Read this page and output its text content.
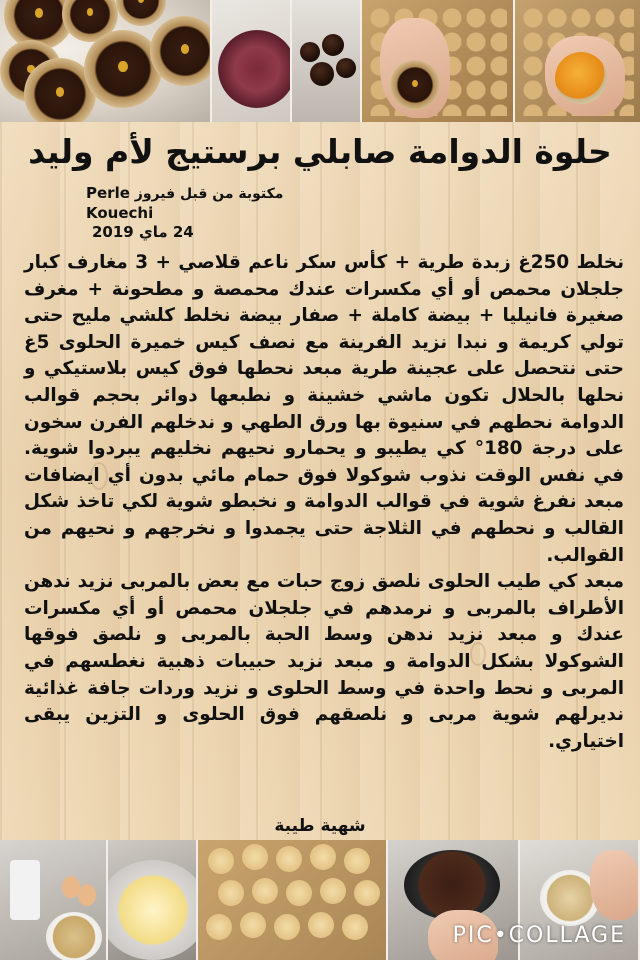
حلوة الدوامة صابلي برستيج لأم وليد
مكتوبة من قبل فيروز Perle Kouechi
24 ماي 2019

نخلط 250غ زبدة طرية + كأس سكر ناعم قلاصي + 3 مغارف كبار جلجلان محمص أو أي مكسرات عندك محمصة و مطحونة + مغرف صغيرة فانيليا + بيضة كاملة + صفار بيضة نخلط كلشي مليح حتى تولي كريمة و نبدا نزيد الفرينة مع نصف كيس خميرة الحلوى 5غ حتى نتحصل على عجينة طرية مبعد نحطها فوق كيس بلاستيكي و نحلها بالحلال تكون ماشي خشينة و نطبعها دوائر بحجم قوالب الدوامة نحطهم في سنيوة بها ورق الطهي و ندخلهم الفرن سخون على درجة 180° كي يطيبو و يحمارو نحيهم نخليهم يبردوا شوية. في نفس الوقت نذوب شوكولا فوق حمام مائي بدون أي ايضافات مبعد نفرغ شوية في قوالب الدوامة و نخبطو شوية لكي تاخذ شكل القالب و نحطهم في الثلاجة حتى يجمدوا و نخرجهم و نحيهم من القوالب.

مبعد كي طيب الحلوى نلصق زوج حبات مع بعض بالمربى نزيد ندهن الأطراف بالمربى و نرمدهم في جلجلان محمص أو أي مكسرات عندك و مبعد نزيد ندهن وسط الحبة بالمربى و نلصق فوقها الشوكولا بشكل الدوامة و مبعد نزيد حبيبات ذهبية نغطسهم في المربى و نحط واحدة في وسط الحلوى و نزيد وردات جافة غذائية نديرلهم شوية مربى و نلصقهم فوق الحلوى و التزين يبقى اختياري.

شهية طيبة
PIC•COLLAGE
